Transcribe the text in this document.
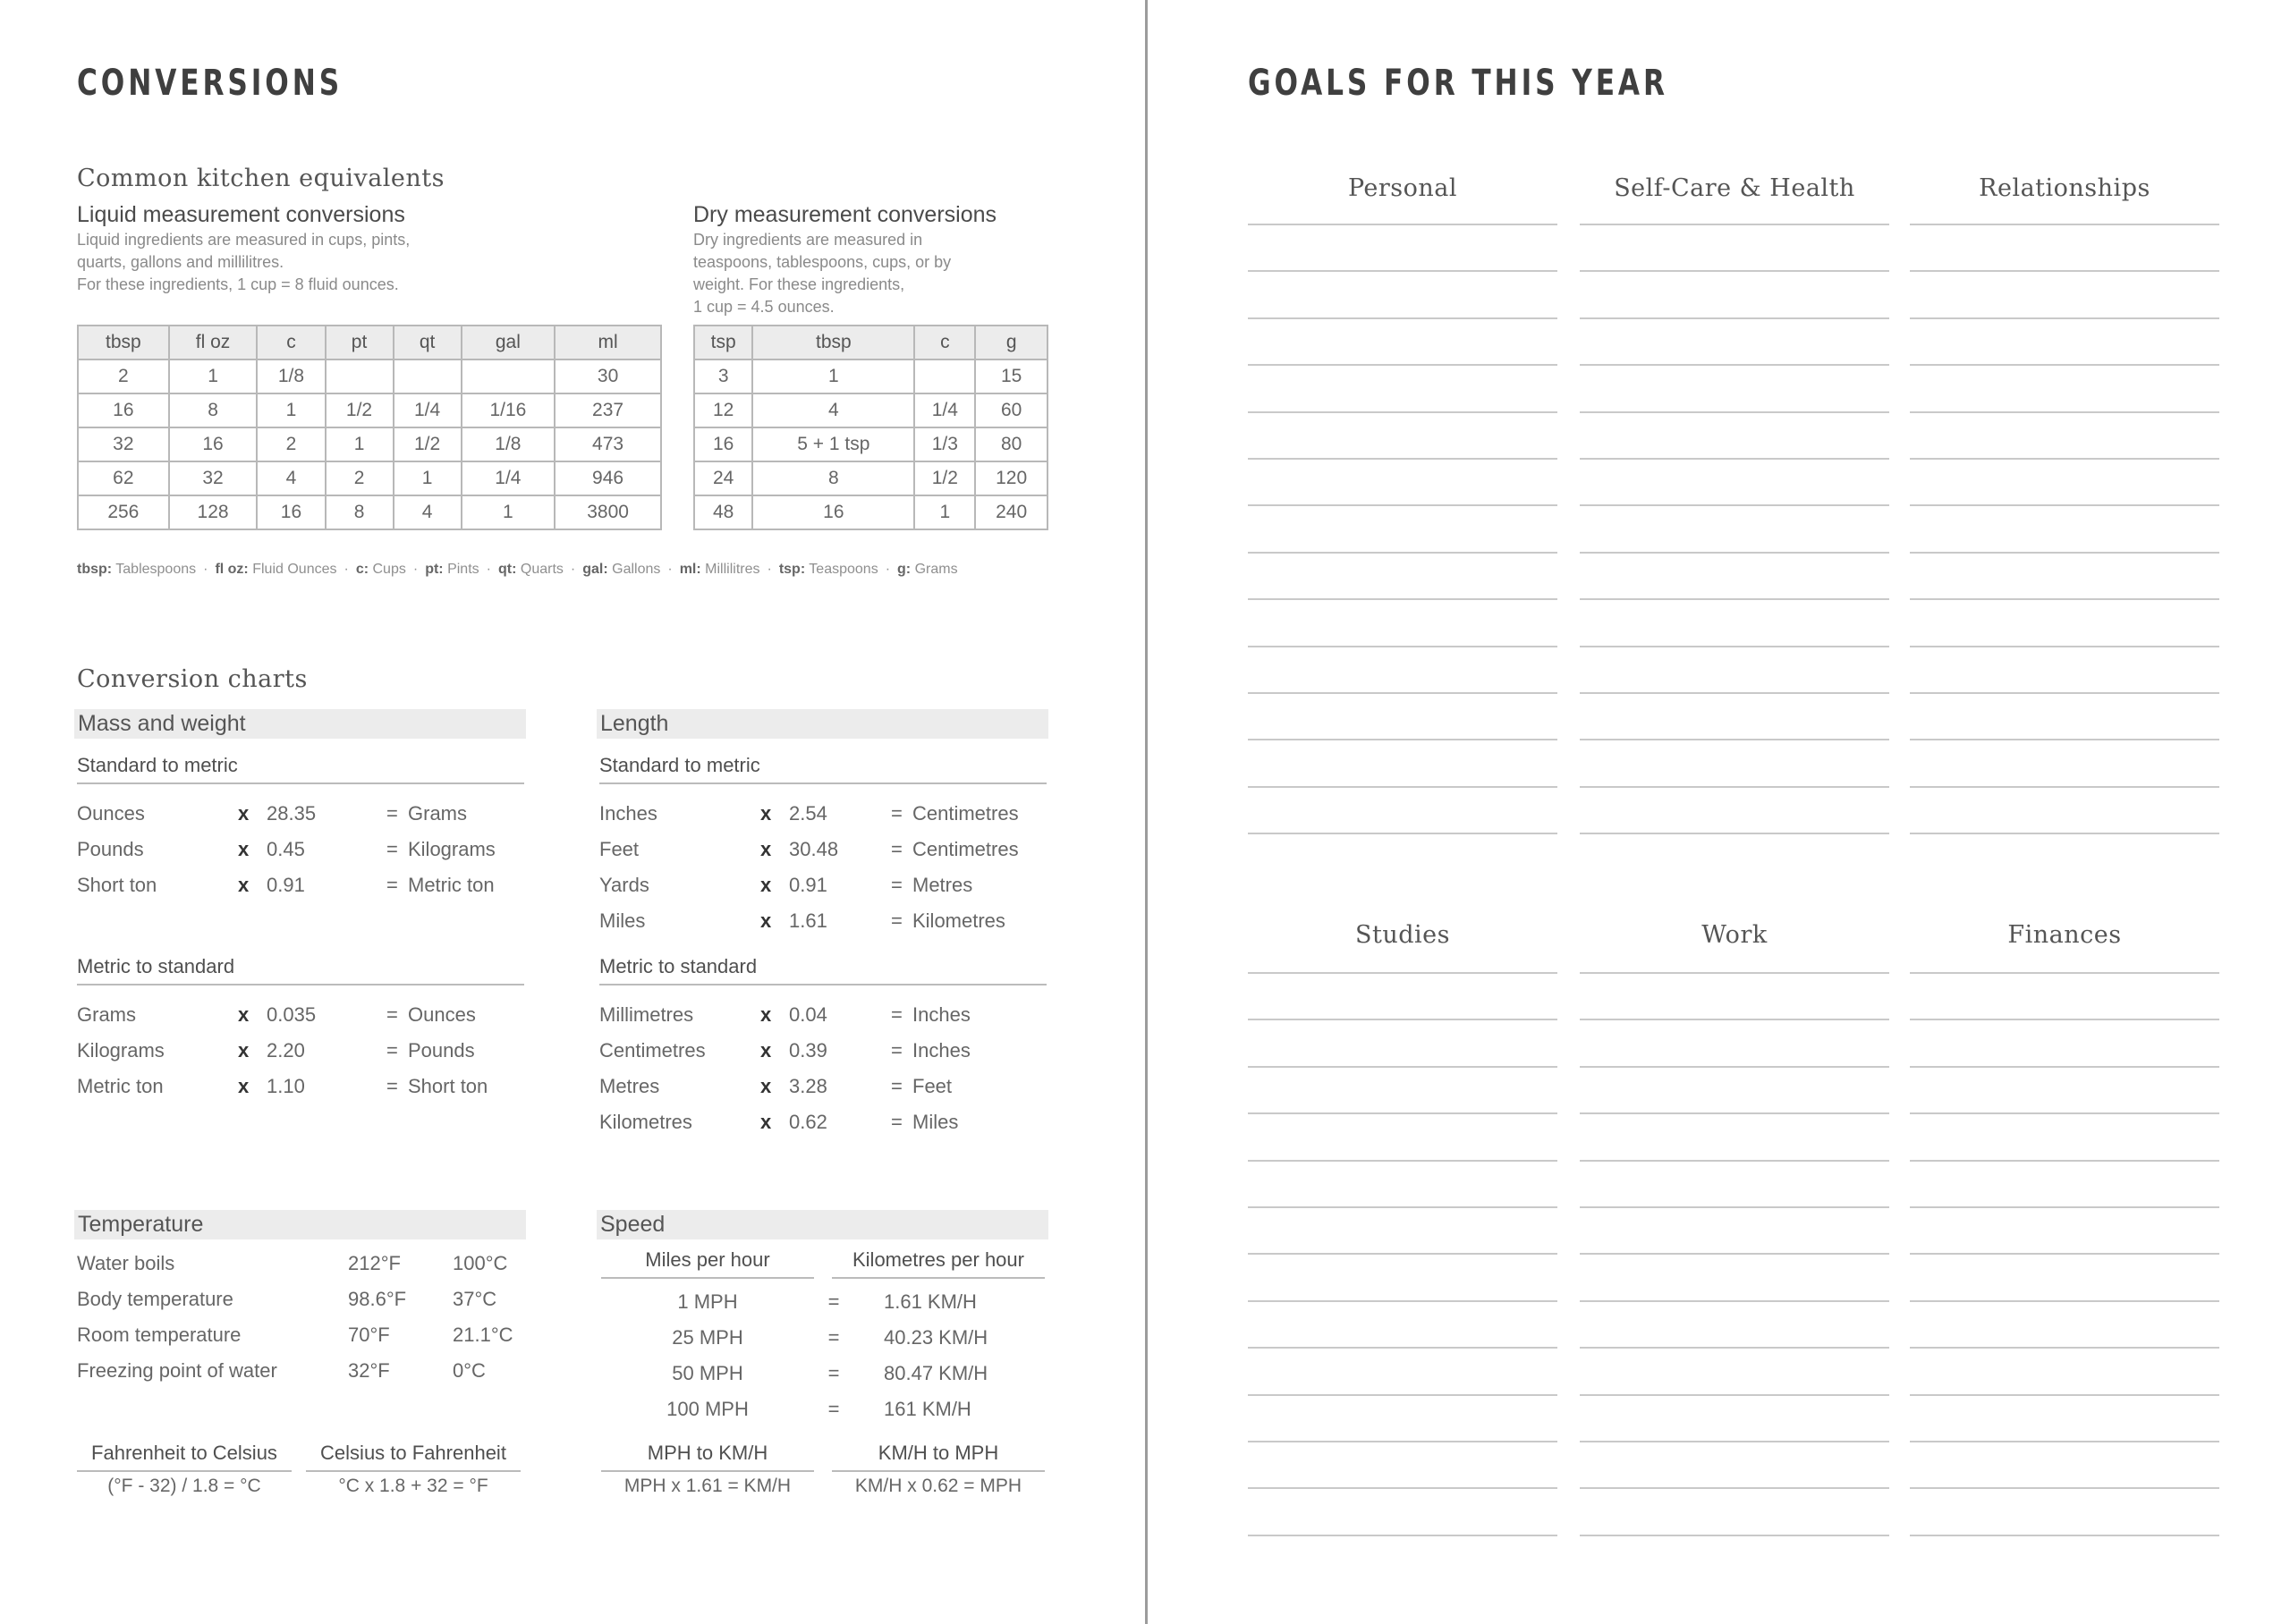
CONVERSIONS
Common kitchen equivalents
Liquid measurement conversions
Liquid ingredients are measured in cups, pints,
quarts, gallons and millilitres.
For these ingredients, 1 cup = 8 fluid ounces.
tbsp	fl oz	c	pt	qt	gal	ml
2	1	1/8				30
16	8	1	1/2	1/4	1/16	237
32	16	2	1	1/2	1/8	473
62	32	4	2	1	1/4	946
256	128	16	8	4	1	3800
Dry measurement conversions
Dry ingredients are measured in
teaspoons, tablespoons, cups, or by
weight. For these ingredients,
1 cup = 4.5 ounces.
tsp	tbsp	c	g
3	1		15
12	4	1/4	60
16	5 + 1 tsp	1/3	80
24	8	1/2	120
48	16	1	240
tbsp: Tablespoons · fl oz: Fluid Ounces · c: Cups · pt: Pints · qt: Quarts · gal: Gallons · ml: Millilitres · tsp: Teaspoons · g: Grams
Conversion charts
Mass and weight
Standard to metric
Ounces	x 28.35	= Grams
Pounds	x 0.45	= Kilograms
Short ton	x 0.91	= Metric ton
Metric to standard
Grams	x 0.035	= Ounces
Kilograms	x 2.20	= Pounds
Metric ton	x 1.10	= Short ton
Length
Standard to metric
Inches	x 2.54	= Centimetres
Feet	x 30.48	= Centimetres
Yards	x 0.91	= Metres
Miles	x 1.61	= Kilometres
Metric to standard
Millimetres	x 0.04	= Inches
Centimetres	x 0.39	= Inches
Metres	x 3.28	= Feet
Kilometres	x 0.62	= Miles
Temperature
Water boils	212°F	100°C
Body temperature	98.6°F 37°C
Room temperature	70°F	21.1°C
Freezing point of water	32°F	0°C
Fahrenheit to Celsius
(°F - 32) / 1.8 = °C
Celsius to Fahrenheit
°C x 1.8 + 32 = °F
Speed
Miles per hour	Kilometres per hour
1 MPH	=	1.61 KM/H
25 MPH	=	40.23 KM/H
50 MPH	=	80.47 KM/H
100 MPH	=	161 KM/H
MPH to KM/H
MPH x 1.61 = KM/H
KM/H to MPH
KM/H x 0.62 = MPH
GOALS FOR THIS YEAR
Personal	Self-Care & Health	Relationships
Studies	Work	Finances
